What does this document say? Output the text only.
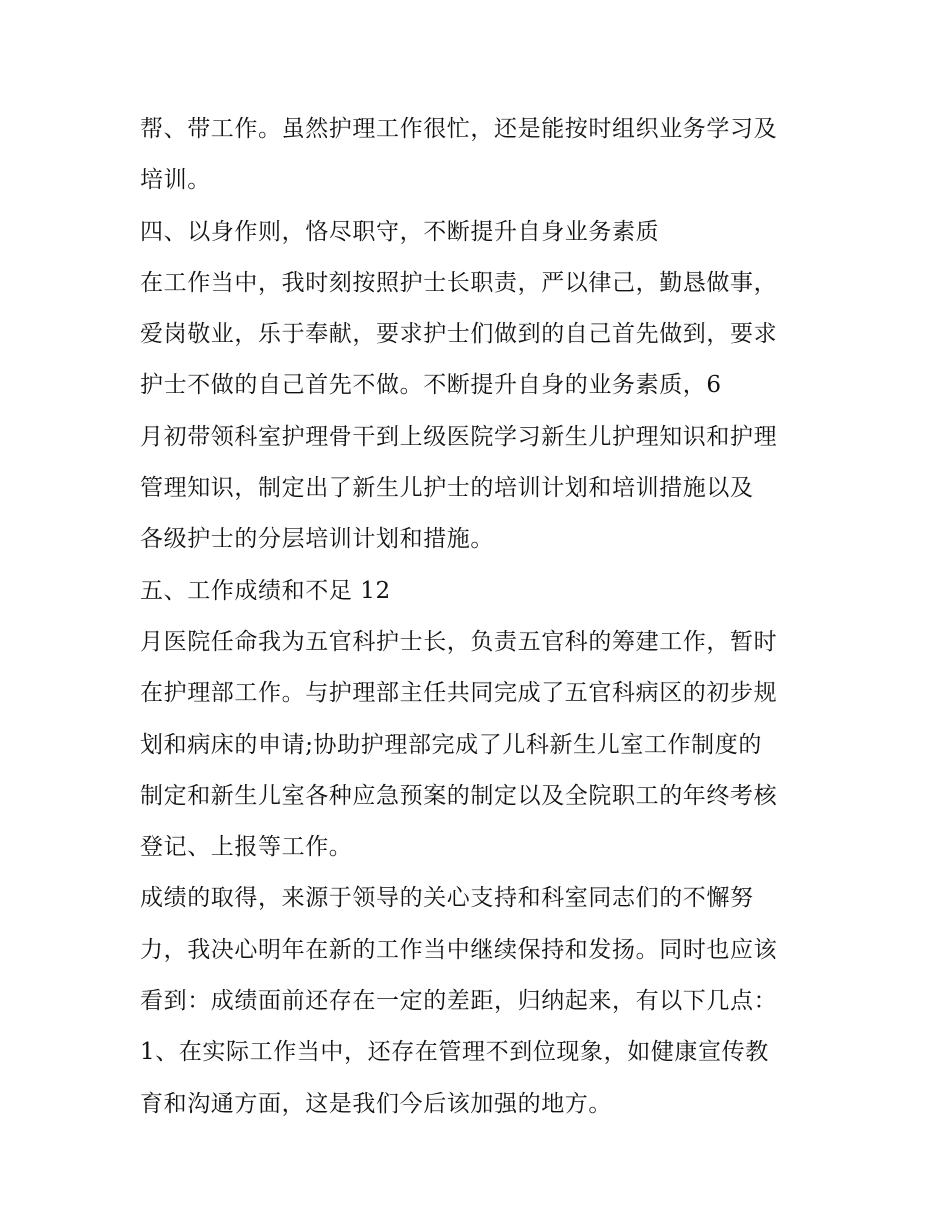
帮、带工作。虽然护理工作很忙，还是能按时组织业务学习及
培训。
四、以身作则，恪尽职守，不断提升自身业务素质
在工作当中，我时刻按照护士长职责，严以律己，勤恳做事，
爱岗敬业，乐于奉献，要求护士们做到的自己首先做到，要求
护士不做的自己首先不做。不断提升自身的业务素质，6
月初带领科室护理骨干到上级医院学习新生儿护理知识和护理
管理知识，制定出了新生儿护士的培训计划和培训措施以及
各级护士的分层培训计划和措施。
五、工作成绩和不足 12
月医院任命我为五官科护士长，负责五官科的筹建工作，暂时
在护理部工作。与护理部主任共同完成了五官科病区的初步规
划和病床的申请;协助护理部完成了儿科新生儿室工作制度的
制定和新生儿室各种应急预案的制定以及全院职工的年终考核
登记、上报等工作。
成绩的取得，来源于领导的关心支持和科室同志们的不懈努
力，我决心明年在新的工作当中继续保持和发扬。同时也应该
看到：成绩面前还存在一定的差距，归纳起来，有以下几点：
1、在实际工作当中，还存在管理不到位现象，如健康宣传教
育和沟通方面，这是我们今后该加强的地方。
